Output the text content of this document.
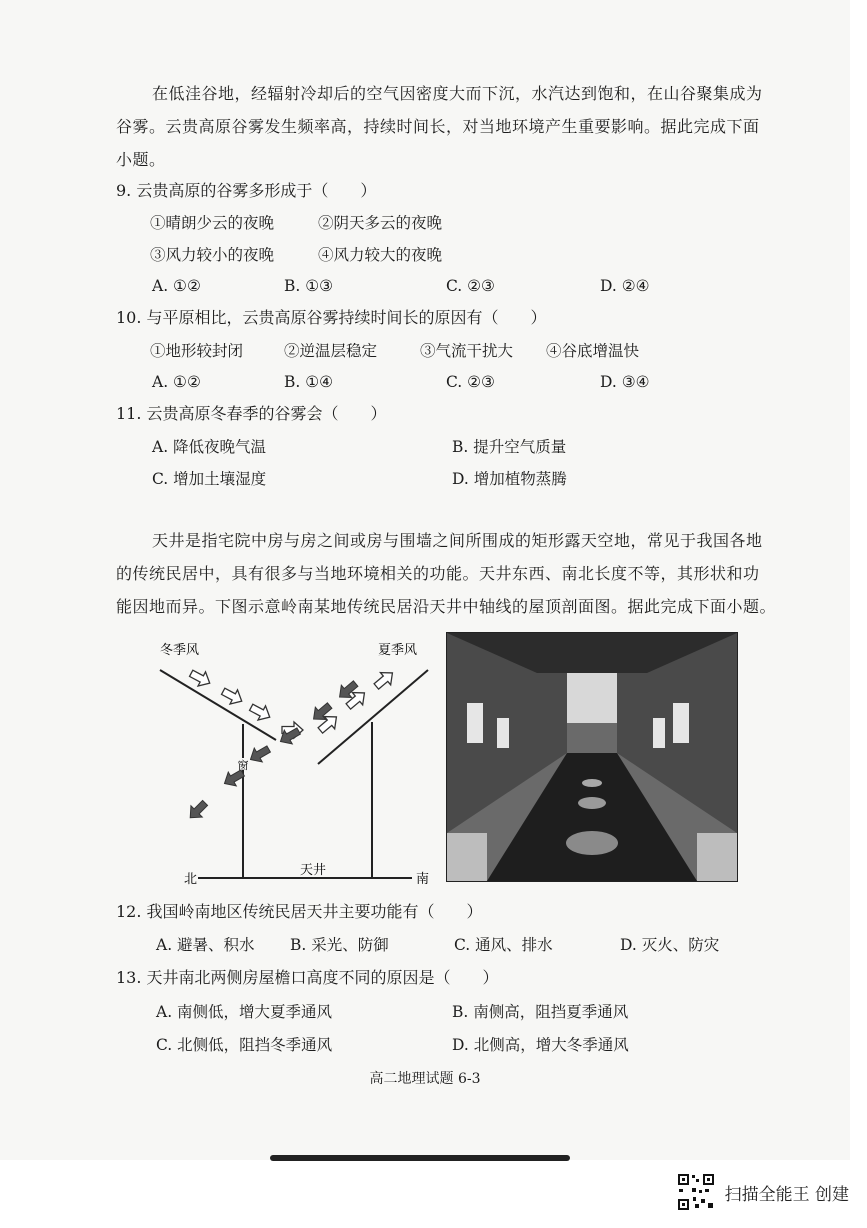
在低洼谷地，经辐射冷却后的空气因密度大而下沉，水汽达到饱和，在山谷聚集成为
谷雾。云贵高原谷雾发生频率高，持续时间长，对当地环境产生重要影响。据此完成下面
小题。
9. 云贵高原的谷雾多形成于（　　）
①晴朗少云的夜晚	②阴天多云的夜晚
③风力较小的夜晚	④风力较大的夜晚
A. ①②	B. ①③	C. ②③	D. ②④
10. 与平原相比，云贵高原谷雾持续时间长的原因有（　　）
①地形较封闭	②逆温层稳定	③气流干扰大 ④谷底增温快
A. ①②	B. ①④	C. ②③	D. ③④
11. 云贵高原冬春季的谷雾会（　　）
A. 降低夜晚气温	B. 提升空气质量
C. 增加土壤湿度	D. 增加植物蒸腾
天井是指宅院中房与房之间或房与围墙之间所围成的矩形露天空地，常见于我国各地
的传统民居中，具有很多与当地环境相关的功能。天井东西、南北长度不等，其形状和功
能因地而异。下图示意岭南某地传统民居沿天井中轴线的屋顶剖面图。据此完成下面小题。
窗
冬季风	夏季风
天井
北	南
12. 我国岭南地区传统民居天井主要功能有（　　）
A. 避暑、积水 B. 采光、防御	C. 通风、排水	D. 灭火、防灾
13. 天井南北两侧房屋檐口高度不同的原因是（　　）
A. 南侧低，增大夏季通风	B. 南侧高，阻挡夏季通风
C. 北侧低，阻挡冬季通风	D. 北侧高，增大冬季通风
高二地理试题 6-3
扫描全能王 创建
